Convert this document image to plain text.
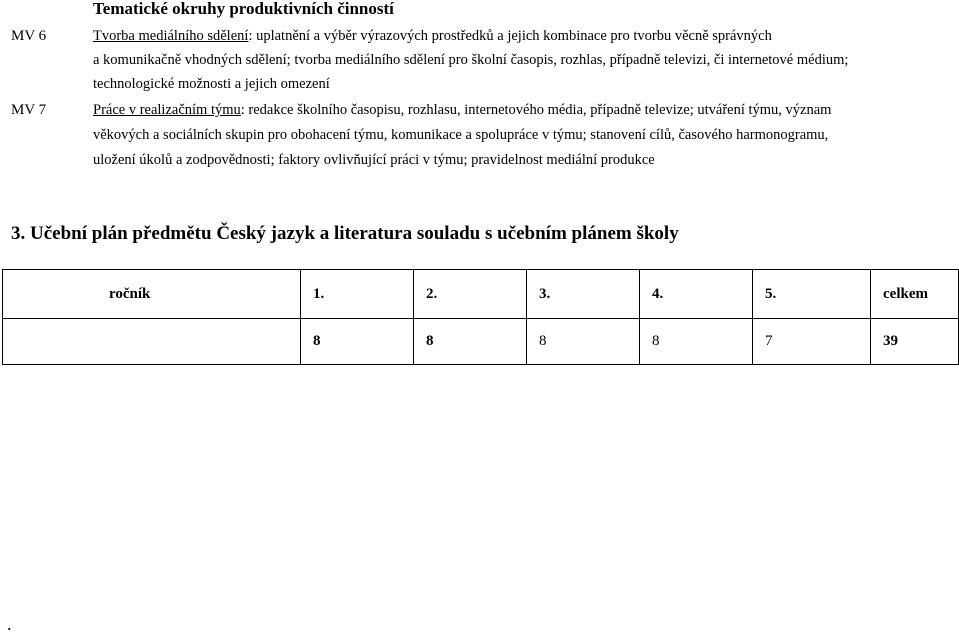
Tematické okruhy produktivních činností
MV 6	Tvorba mediálního sdělení: uplatnění a výběr výrazových prostředků a jejich kombinace pro tvorbu věcně správných
a komunikačně vhodných sdělení; tvorba mediálního sdělení pro školní časopis, rozhlas, případně televizi, či internetové médium;
technologické možnosti a jejich omezení
MV 7	Práce v realizačním týmu: redakce školního časopisu, rozhlasu, internetového média, případně televize; utváření týmu, význam
věkových a sociálních skupin pro obohacení týmu, komunikace a spolupráce v týmu; stanovení cílů, časového harmonogramu,
uložení úkolů a zodpovědnosti; faktory ovlivňující práci v týmu; pravidelnost mediální produkce
3. Učební plán předmětu Český jazyk a literatura souladu s učebním plánem školy
ročník	1.	2.	3.	4.	5.	celkem
	8	8	8	8	7	39
.
